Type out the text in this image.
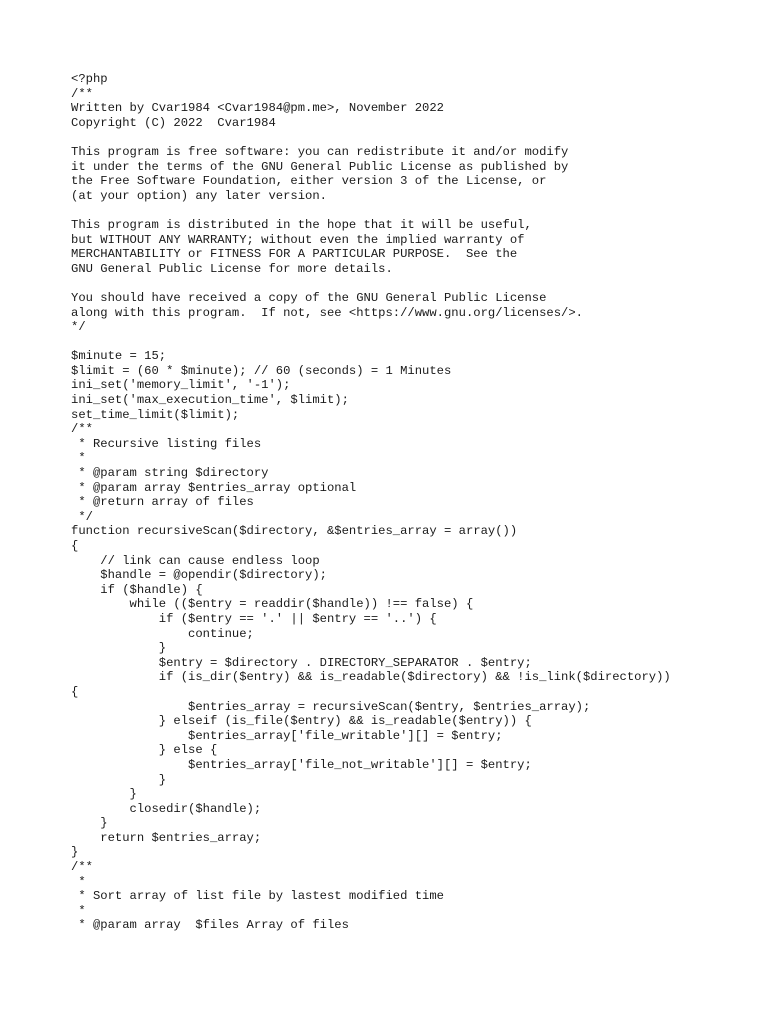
<?php
/**
Written by Cvar1984 <Cvar1984@pm.me>, November 2022
Copyright (C) 2022  Cvar1984
This program is free software: you can redistribute it and/or modify
it under the terms of the GNU General Public License as published by
the Free Software Foundation, either version 3 of the License, or
(at your option) any later version.
This program is distributed in the hope that it will be useful,
but WITHOUT ANY WARRANTY; without even the implied warranty of
MERCHANTABILITY or FITNESS FOR A PARTICULAR PURPOSE.  See the
GNU General Public License for more details.
You should have received a copy of the GNU General Public License
along with this program.  If not, see <https://www.gnu.org/licenses/>.
*/
$minute = 15;
$limit = (60 * $minute); // 60 (seconds) = 1 Minutes
ini_set('memory_limit', '-1');
ini_set('max_execution_time', $limit);
set_time_limit($limit);
/**
* Recursive listing files
*
* @param string $directory
* @param array $entries_array optional
* @return array of files
*/
function recursiveScan($directory, &$entries_array = array())
{
// link can cause endless loop
$handle = @opendir($directory);
if ($handle) {
while (($entry = readdir($handle)) !== false) {
if ($entry == '.' || $entry == '..') {
continue;
}
$entry = $directory . DIRECTORY_SEPARATOR . $entry;
if (is_dir($entry) && is_readable($directory) && !is_link($directory))
{
$entries_array = recursiveScan($entry, $entries_array);
} elseif (is_file($entry) && is_readable($entry)) {
$entries_array['file_writable'][] = $entry;
} else {
$entries_array['file_not_writable'][] = $entry;
}
}
closedir($handle);
}
return $entries_array;
}
/**
*
* Sort array of list file by lastest modified time
*
* @param array  $files Array of files
